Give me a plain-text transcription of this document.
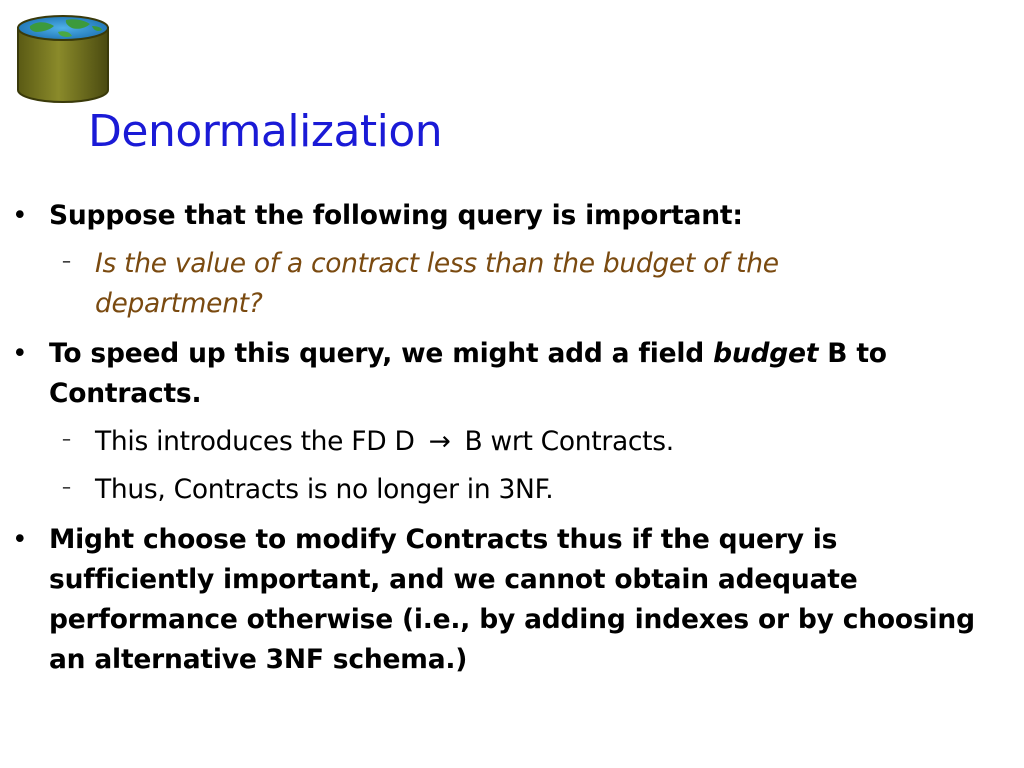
Denormalization
• Suppose that the following query is important:
– Is the value of a contract less than the budget of the department?
• To speed up this query, we might add a field budget B to Contracts.
– This introduces the FD D → B wrt Contracts.
– Thus, Contracts is no longer in 3NF.
• Might choose to modify Contracts thus if the query is sufficiently important, and we cannot obtain adequate performance otherwise (i.e., by adding indexes or by choosing an alternative 3NF schema.)
